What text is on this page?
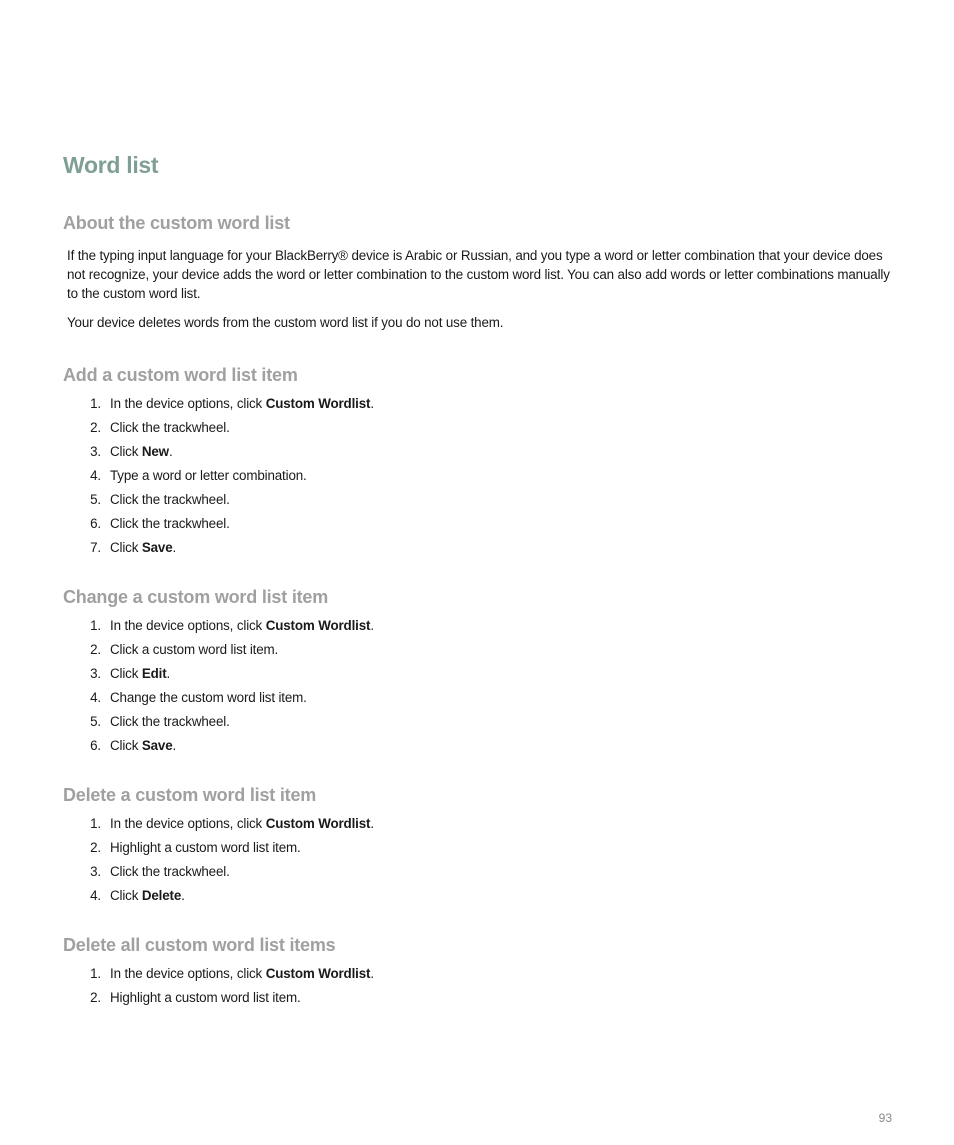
Word list
About the custom word list

If the typing input language for your BlackBerry® device is Arabic or Russian, and you type a word or letter combination that your device does not recognize, your device adds the word or letter combination to the custom word list. You can also add words or letter combinations manually to the custom word list.

Your device deletes words from the custom word list if you do not use them.

Add a custom word list item
1. In the device options, click Custom Wordlist.
2. Click the trackwheel.
3. Click New.
4. Type a word or letter combination.
5. Click the trackwheel.
6. Click the trackwheel.
7. Click Save.
Change a custom word list item
1. In the device options, click Custom Wordlist.
2. Click a custom word list item.
3. Click Edit.
4. Change the custom word list item.
5. Click the trackwheel.
6. Click Save.
Delete a custom word list item
1. In the device options, click Custom Wordlist.
2. Highlight a custom word list item.
3. Click the trackwheel.
4. Click Delete.
Delete all custom word list items
1. In the device options, click Custom Wordlist.
2. Highlight a custom word list item.
93
